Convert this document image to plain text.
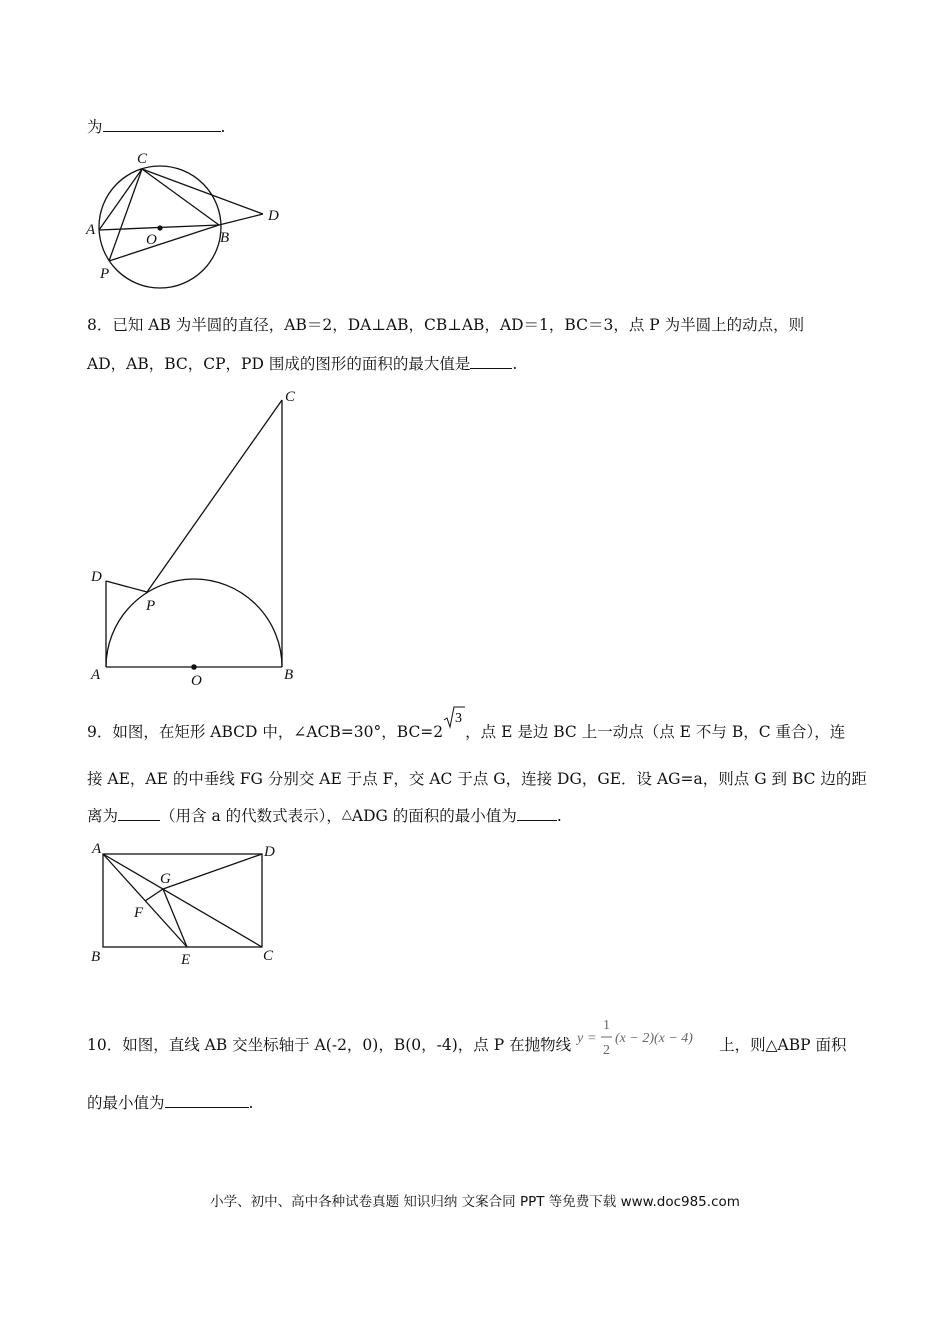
为	.
C
A
O	B
D
P
8．已知 AB 为半圆的直径，AB＝2，DA⊥AB，CB⊥AB，AD＝1，BC＝3，点 P 为半圆上的动点，则
AD，AB，BC，CP，PD 围成的图形的面积的最大值是	.
C
D
P
A	O	B
9．如图，在矩形 ABCD 中，∠ACB=30°，BC=2
3
，点 E 是边 BC 上一动点（点 E 不与 B，C 重合），连
接 AE，AE 的中垂线 FG 分别交 AE 于点 F，交 AC 于点 G，连接 DG，GE．设 AG=a，则点 G 到 BC 边的距
离为	（用含 a 的代数式表示），△ADG 的面积的最小值为	.
A	D
G
F
B	E	C
10．如图，直线 AB 交坐标轴于 A(-2，0)，B(0，-4)，点 P 在抛物线 y =
1
2
(x − 2)(x − 4) 上，则△ABP 面积
的最小值为	.
小学、初中、高中各种试卷真题 知识归纳 文案合同 PPT 等免费下载 www.doc985.com
